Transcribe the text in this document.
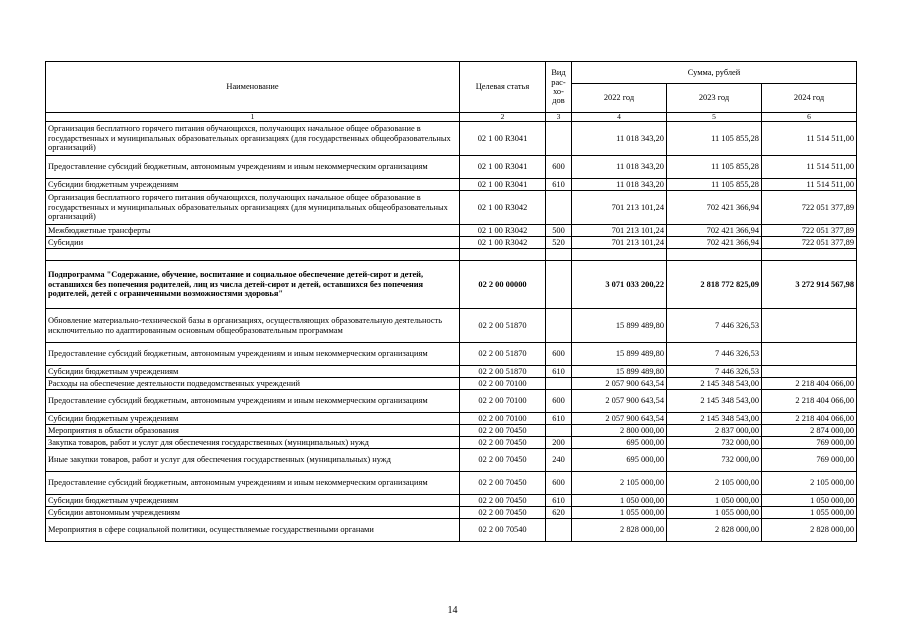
Наименование	Целевая статья	Вид рас-хо-дов	Сумма, рублей		
			2022 год	2023 год	2024 год
1	2	3	4	5	6
Организация бесплатного горячего питания обучающихся, получающих начальное общее образование в государственных и муниципальных образовательных организациях (для государственных общеобразовательных организаций)	02 1 00 R3041		11 018 343,20	11 105 855,28	11 514 511,00
Предоставление субсидий бюджетным, автономным учреждениям и иным некоммерческим организациям	02 1 00 R3041	600	11 018 343,20	11 105 855,28	11 514 511,00
Субсидии бюджетным учреждениям	02 1 00 R3041	610	11 018 343,20	11 105 855,28	11 514 511,00
Организация бесплатного горячего питания обучающихся, получающих начальное общее образование в государственных и муниципальных образовательных организациях (для муниципальных общеобразовательных организаций)	02 1 00 R3042		701 213 101,24	702 421 366,94	722 051 377,89
Межбюджетные трансферты	02 1 00 R3042	500	701 213 101,24	702 421 366,94	722 051 377,89
Субсидии	02 1 00 R3042	520	701 213 101,24	702 421 366,94	722 051 377,89

Подпрограмма "Содержание, обучение, воспитание и социальное обеспечение детей-сирот и детей, оставшихся без попечения родителей, лиц из числа детей-сирот и детей, оставшихся без попечения родителей, детей с ограниченными возможностями здоровья"	02 2 00 00000		3 071 033 200,22	2 818 772 825,09	3 272 914 567,98
Обновление материально-технической базы в организациях, осуществляющих образовательную деятельность исключительно по адаптированным основным общеобразовательным программам	02 2 00 51870		15 899 489,80	7 446 326,53	
Предоставление субсидий бюджетным, автономным учреждениям и иным некоммерческим организациям	02 2 00 51870	600	15 899 489,80	7 446 326,53	
Субсидии бюджетным учреждениям	02 2 00 51870	610	15 899 489,80	7 446 326,53	
Расходы на обеспечение деятельности подведомственных учреждений	02 2 00 70100		2 057 900 643,54	2 145 348 543,00	2 218 404 066,00
Предоставление субсидий бюджетным, автономным учреждениям и иным некоммерческим организациям	02 2 00 70100	600	2 057 900 643,54	2 145 348 543,00	2 218 404 066,00
Субсидии бюджетным учреждениям	02 2 00 70100	610	2 057 900 643,54	2 145 348 543,00	2 218 404 066,00
Мероприятия в области образования	02 2 00 70450		2 800 000,00	2 837 000,00	2 874 000,00
Закупка товаров, работ и услуг для обеспечения государственных (муниципальных) нужд	02 2 00 70450	200	695 000,00	732 000,00	769 000,00
Иные закупки товаров, работ и услуг для обеспечения государственных (муниципальных) нужд	02 2 00 70450	240	695 000,00	732 000,00	769 000,00
Предоставление субсидий бюджетным, автономным учреждениям и иным некоммерческим организациям	02 2 00 70450	600	2 105 000,00	2 105 000,00	2 105 000,00
Субсидии бюджетным учреждениям	02 2 00 70450	610	1 050 000,00	1 050 000,00	1 050 000,00
Субсидии автономным учреждениям	02 2 00 70450	620	1 055 000,00	1 055 000,00	1 055 000,00
Мероприятия в сфере социальной политики, осуществляемые государственными органами	02 2 00 70540		2 828 000,00	2 828 000,00	2 828 000,00
14
